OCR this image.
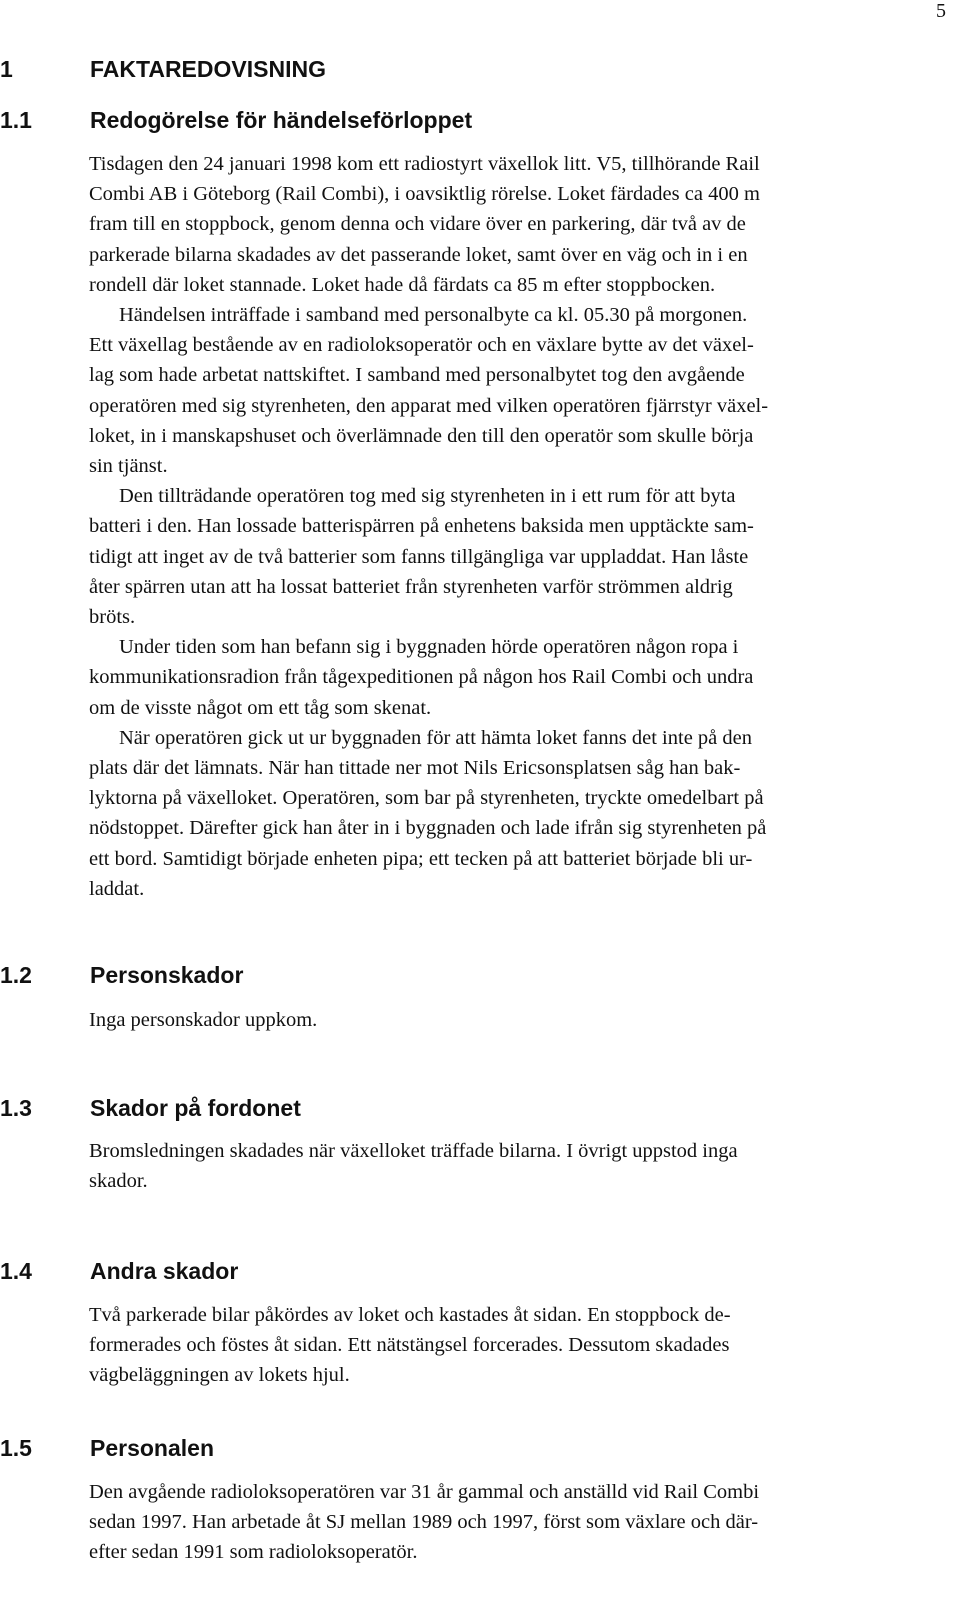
5
1	FAKTAREDOVISNING
1.1	Redogörelse för händelseförloppet

Tisdagen den 24 januari 1998 kom ett radiostyrt växellok litt. V5, tillhörande Rail
Combi AB i Göteborg (Rail Combi), i oavsiktlig rörelse. Loket färdades ca 400 m
fram till en stoppbock, genom denna och vidare över en parkering, där två av de
parkerade bilarna skadades av det passerande loket, samt över en väg och in i en
rondell där loket stannade. Loket hade då färdats ca 85 m efter stoppbocken.

Händelsen inträffade i samband med personalbyte ca kl. 05.30 på morgonen.

Ett växellag bestående av en radioloksoperatör och en växlare bytte av det växel-
lag som hade arbetat nattskiftet. I samband med personalbytet tog den avgående
operatören med sig styrenheten, den apparat med vilken operatören fjärrstyr växel-
loket, in i manskapshuset och överlämnade den till den operatör som skulle börja
sin tjänst.

Den tillträdande operatören tog med sig styrenheten in i ett rum för att byta
batteri i den. Han lossade batterispärren på enhetens baksida men upptäckte sam-
tidigt att inget av de två batterier som fanns tillgängliga var uppladdat. Han låste
åter spärren utan att ha lossat batteriet från styrenheten varför strömmen aldrig
bröts.

Under tiden som han befann sig i byggnaden hörde operatören någon ropa i
kommunikationsradion från tågexpeditionen på någon hos Rail Combi och undra
om de visste något om ett tåg som skenat.

När operatören gick ut ur byggnaden för att hämta loket fanns det inte på den
plats där det lämnats. När han tittade ner mot Nils Ericsonsplatsen såg han bak-
lyktorna på växelloket. Operatören, som bar på styrenheten, tryckte omedelbart på
nödstoppet. Därefter gick han åter in i byggnaden och lade ifrån sig styrenheten på
ett bord. Samtidigt började enheten pipa; ett tecken på att batteriet började bli ur-
laddat.

1.2	Personskador

Inga personskador uppkom.

1.3	Skador på fordonet

Bromsledningen skadades när växelloket träffade bilarna. I övrigt uppstod inga
skador.

1.4	Andra skador

Två parkerade bilar påkördes av loket och kastades åt sidan. En stoppbock de-
formerades och föstes åt sidan. Ett nätstängsel forcerades. Dessutom skadades
vägbeläggningen av lokets hjul.

1.5	Personalen

Den avgående radioloksoperatören var 31 år gammal och anställd vid Rail Combi
sedan 1997. Han arbetade åt SJ mellan 1989 och 1997, först som växlare och där-
efter sedan 1991 som radioloksoperatör.
